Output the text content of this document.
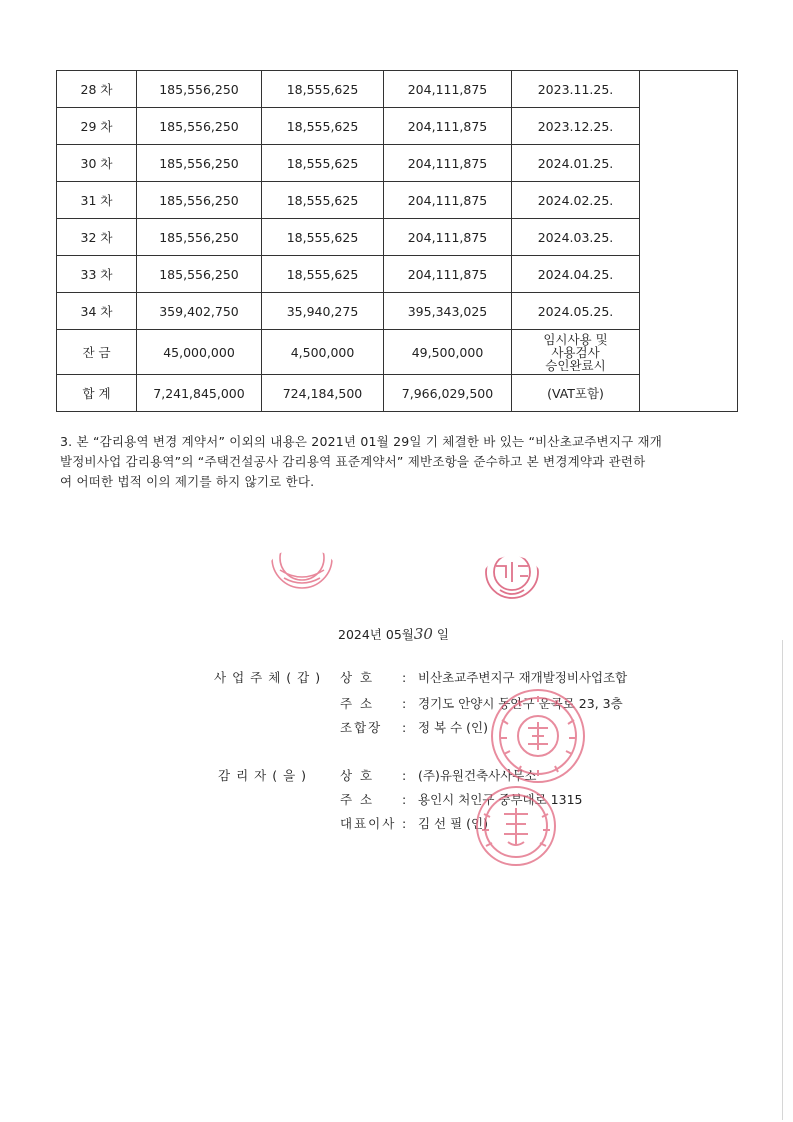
28 차	185,556,250	18,555,625	204,111,875	2023.11.25.	
29 차	185,556,250	18,555,625	204,111,875	2023.12.25.	
30 차	185,556,250	18,555,625	204,111,875	2024.01.25.	
31 차	185,556,250	18,555,625	204,111,875	2024.02.25.	
32 차	185,556,250	18,555,625	204,111,875	2024.03.25.	
33 차	185,556,250	18,555,625	204,111,875	2024.04.25.	
34 차	359,402,750	35,940,275	395,343,025	2024.05.25.	
잔 금	45,000,000	4,500,000	49,500,000	임시사용 및
사용검사
승인완료시	

합 계	7,241,845,000	724,184,500	7,966,029,500	(VAT포함)	
3. 본 “감리용역 변경 계약서” 이외의 내용은 2021년 01월 29일 기 체결한 바 있는 “비산초교주변지구 재개
발정비사업 감리용역”의 “주택건설공사 감리용역 표준계약서” 제반조항을 준수하고 본 변경계약과 관련하
여 어떠한 법적 이의 제기를 하지 않기로 한다.
2024년 05월30 일
사업주체(갑) 상 호 : 비산초교주변지구 재개발정비사업조합
주 소 : 경기도 안양시 동안구 운곡로 23, 3층
조합장 : 정 복 수 (인)
감리자(을) 상 호 : (주)유원건축사사무소
주 소 : 용인시 처인구 중부대로 1315
대표이사 : 김 선 필 (인)
